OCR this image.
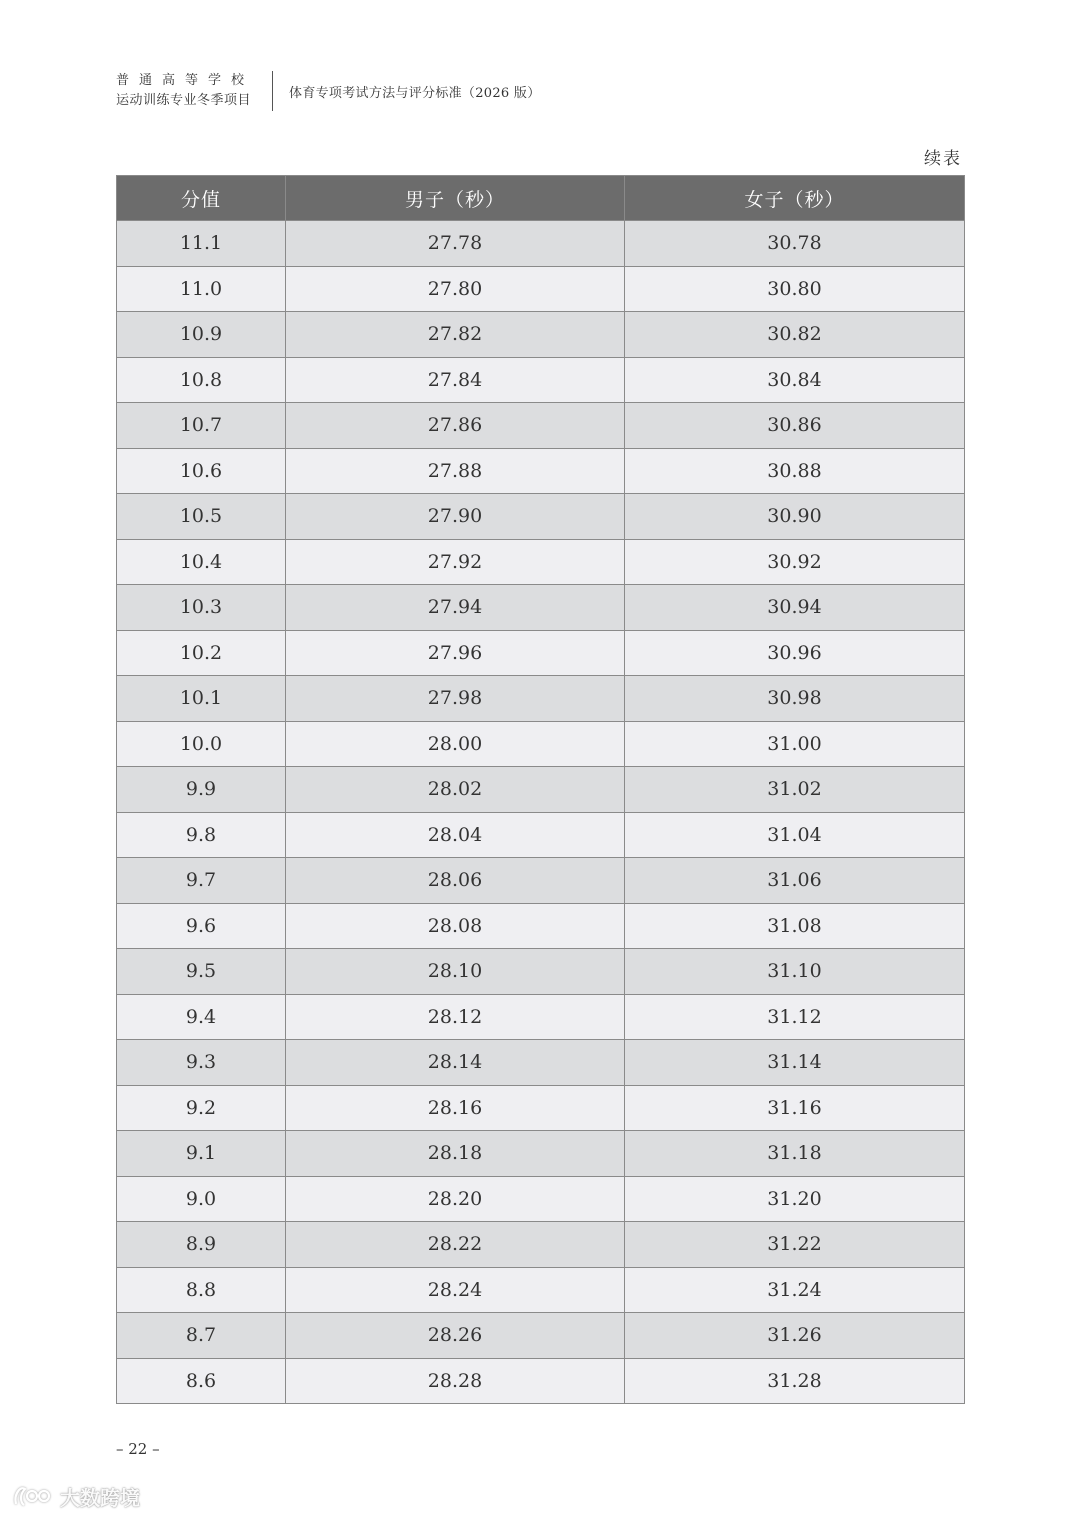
普通高等学校
运动训练专业冬季项目	体育专项考试方法与评分标准（2026 版）
续表
分值	男子（秒）	女子（秒）
11.1	27.78	30.78
11.0	27.80	30.80
10.9	27.82	30.82
10.8	27.84	30.84
10.7	27.86	30.86
10.6	27.88	30.88
10.5	27.90	30.90
10.4	27.92	30.92
10.3	27.94	30.94
10.2	27.96	30.96
10.1	27.98	30.98
10.0	28.00	31.00
9.9	28.02	31.02
9.8	28.04	31.04
9.7	28.06	31.06
9.6	28.08	31.08
9.5	28.10	31.10
9.4	28.12	31.12
9.3	28.14	31.14
9.2	28.16	31.16
9.1	28.18	31.18
9.0	28.20	31.20
8.9	28.22	31.22
8.8	28.24	31.24
8.7	28.26	31.26
8.6	28.28	31.28
– 22 –
大数跨境
